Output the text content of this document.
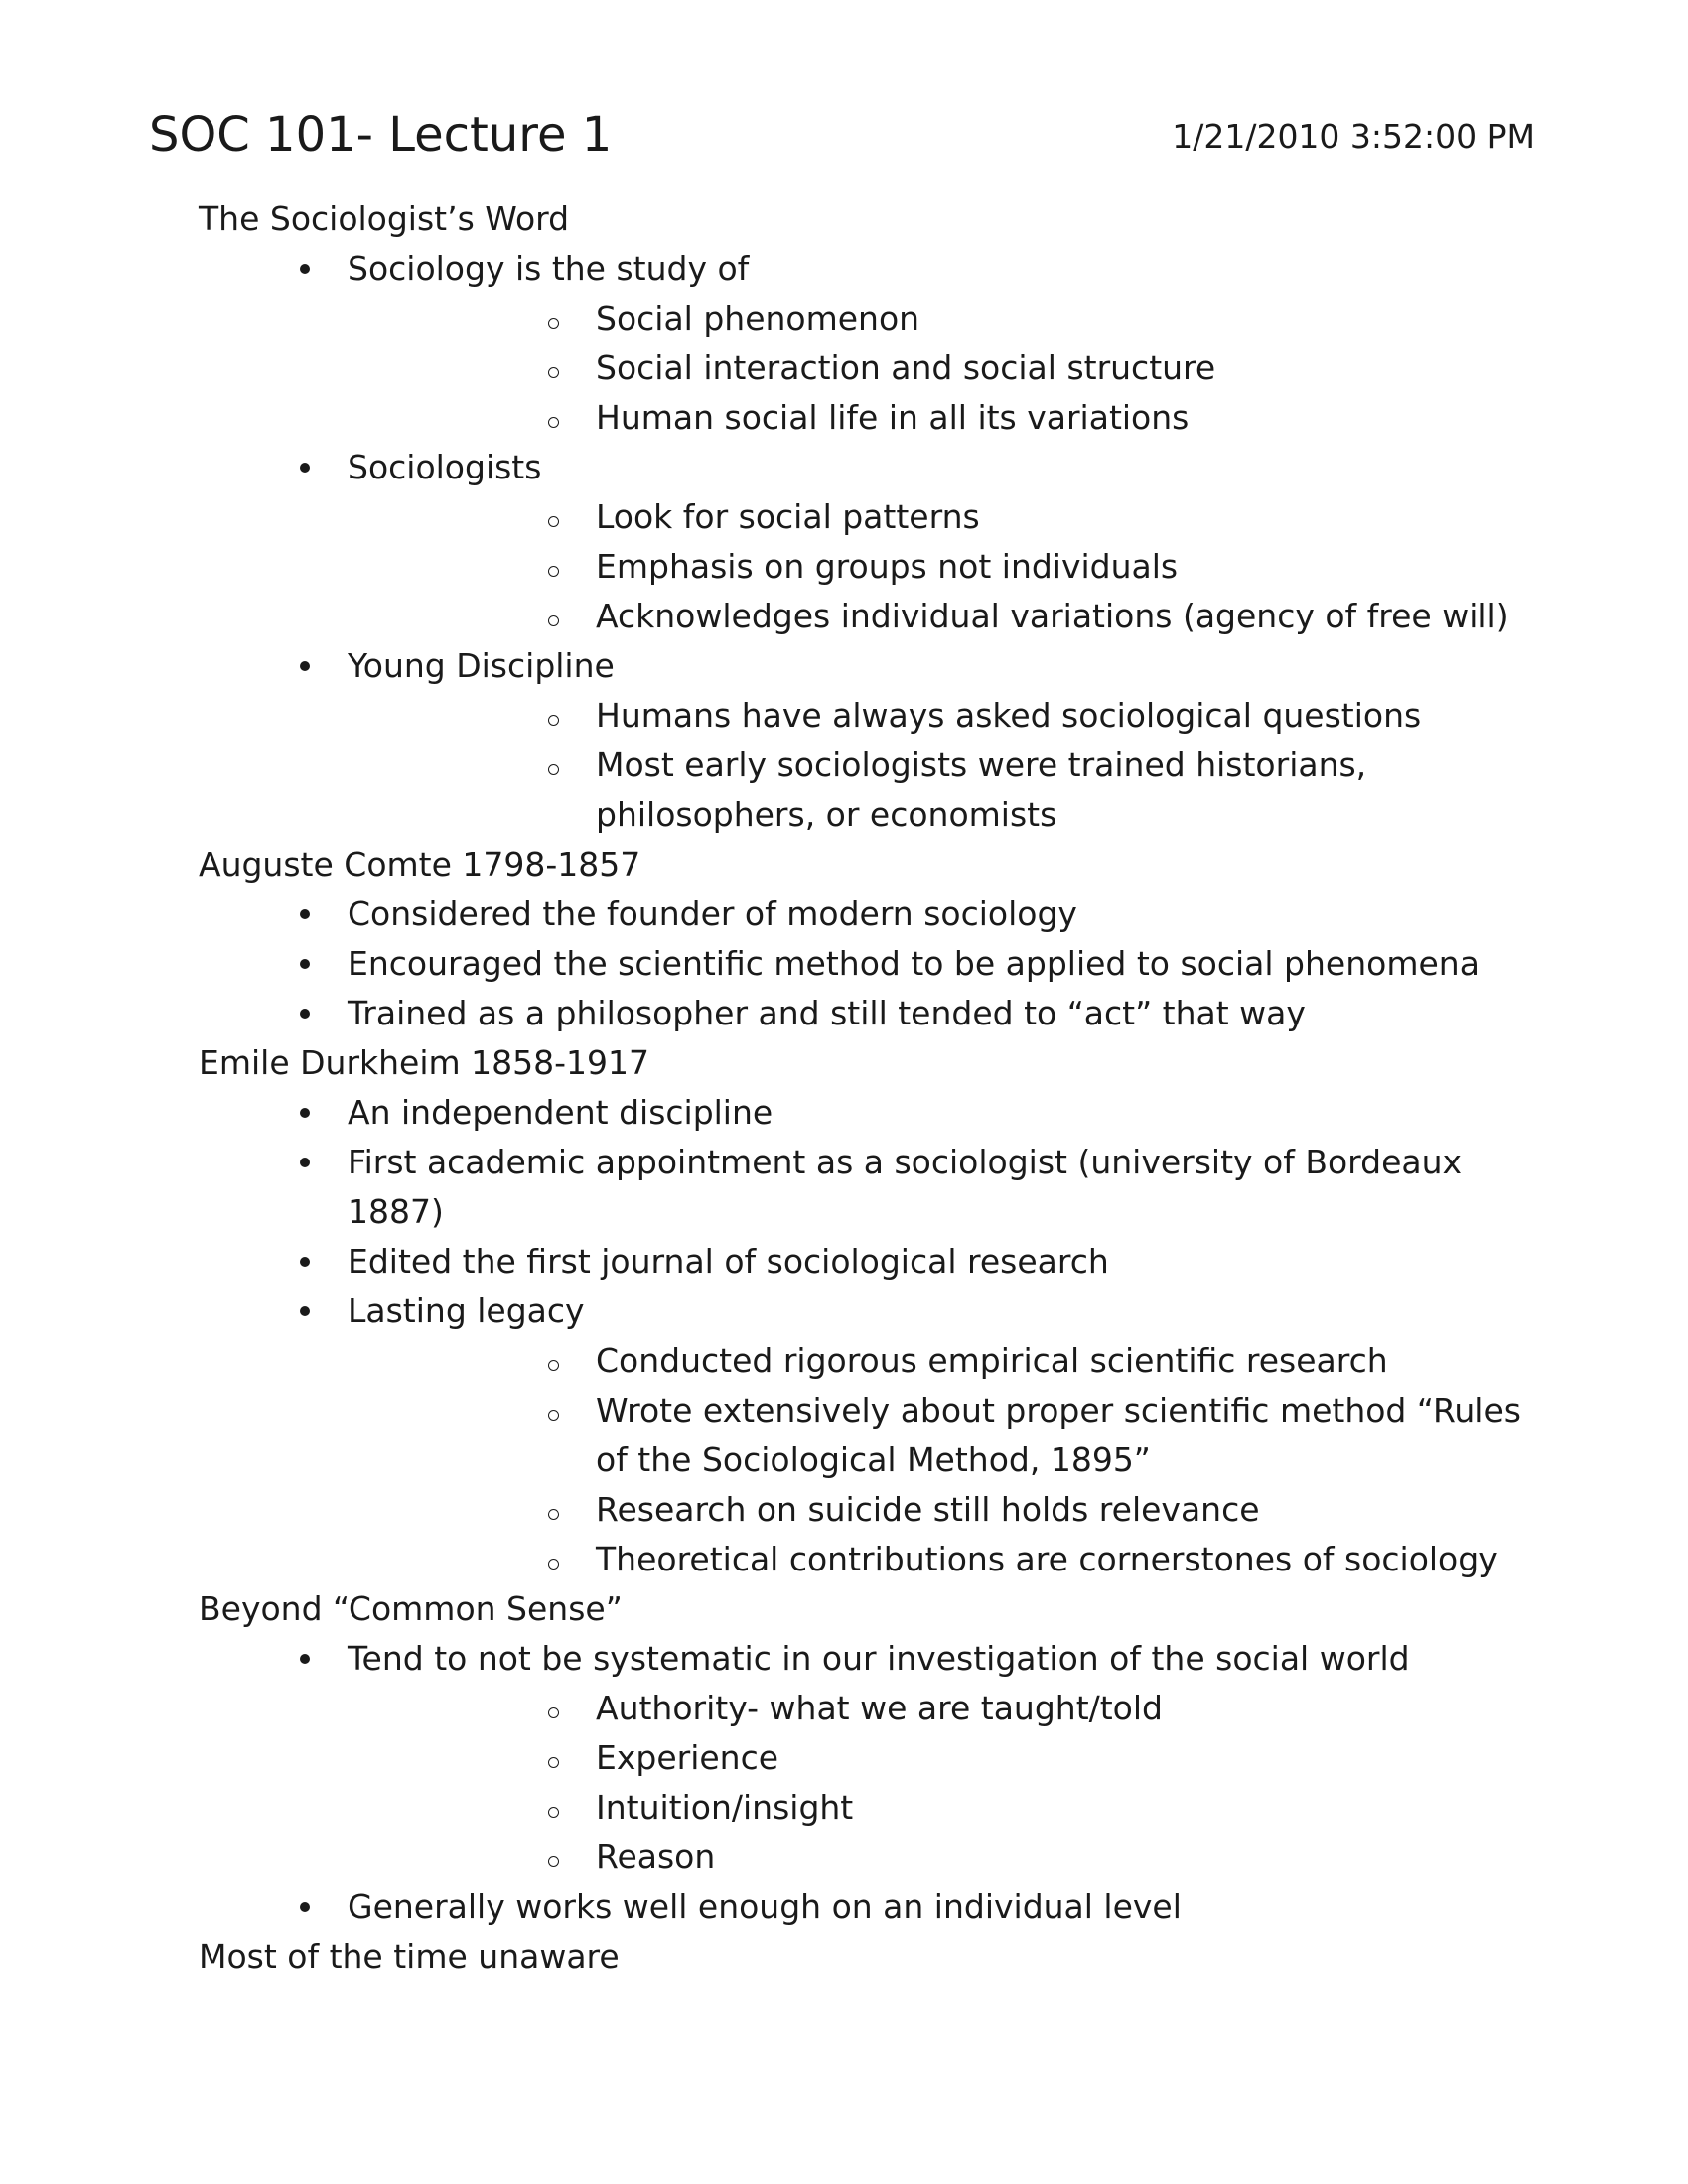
SOC 101- Lecture 1	1/21/2010 3:52:00 PM
The Sociologist’s Word
Sociology is the study of
Social phenomenon
Social interaction and social structure
Human social life in all its variations
Sociologists
Look for social patterns
Emphasis on groups not individuals
Acknowledges individual variations (agency of free will)
Young Discipline
Humans have always asked sociological questions
Most early sociologists were trained historians, philosophers, or economists
Auguste Comte 1798-1857
Considered the founder of modern sociology
Encouraged the scientific method to be applied to social phenomena
Trained as a philosopher and still tended to “act” that way
Emile Durkheim 1858-1917
An independent discipline
First academic appointment as a sociologist (university of Bordeaux 1887)
Edited the first journal of sociological research
Lasting legacy
Conducted rigorous empirical scientific research
Wrote extensively about proper scientific method “Rules of the Sociological Method, 1895”
Research on suicide still holds relevance
Theoretical contributions are cornerstones of sociology
Beyond “Common Sense”
Tend to not be systematic in our investigation of the social world
Authority- what we are taught/told
Experience
Intuition/insight
Reason
Generally works well enough on an individual level
Most of the time unaware
